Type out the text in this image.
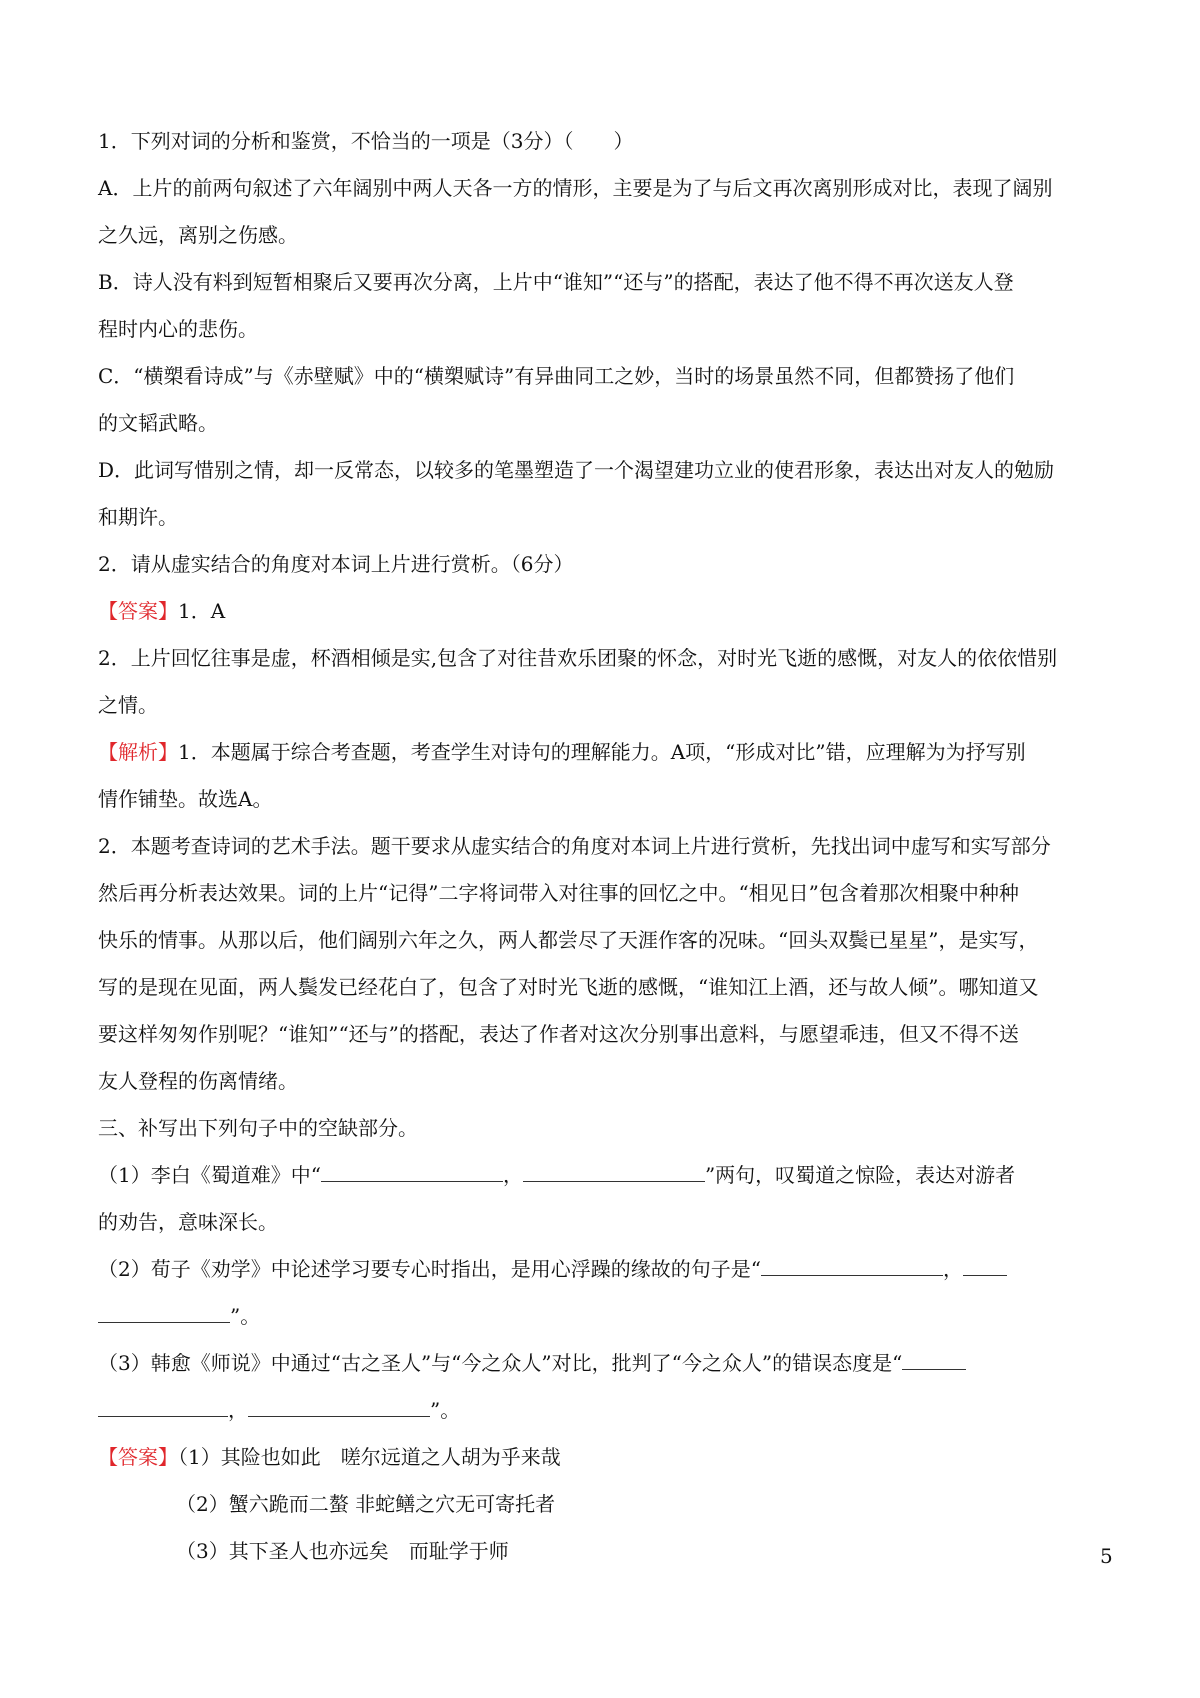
1．下列对词的分析和鉴赏，不恰当的一项是（3分）（　　）
A．上片的前两句叙述了六年阔别中两人天各一方的情形，主要是为了与后文再次离别形成对比，表现了阔别
之久远，离别之伤感。
B．诗人没有料到短暂相聚后又要再次分离，上片中“谁知”“还与”的搭配，表达了他不得不再次送友人登
程时内心的悲伤。
C．“横槊看诗成”与《赤壁赋》中的“横槊赋诗”有异曲同工之妙，当时的场景虽然不同，但都赞扬了他们
的文韬武略。
D．此词写惜别之情，却一反常态，以较多的笔墨塑造了一个渴望建功立业的使君形象，表达出对友人的勉励
和期许。
2．请从虚实结合的角度对本词上片进行赏析。（6分）
【答案】1．A
2．上片回忆往事是虚，杯酒相倾是实,包含了对往昔欢乐团聚的怀念，对时光飞逝的感慨，对友人的依依惜别
之情。
【解析】1．本题属于综合考查题，考查学生对诗句的理解能力。A项，“形成对比”错，应理解为为抒写别
情作铺垫。故选A。
2．本题考查诗词的艺术手法。题干要求从虚实结合的角度对本词上片进行赏析，先找出词中虚写和实写部分
然后再分析表达效果。词的上片“记得”二字将词带入对往事的回忆之中。“相见日”包含着那次相聚中种种
快乐的情事。从那以后，他们阔别六年之久，两人都尝尽了天涯作客的况味。“回头双鬓已星星”，是实写，
写的是现在见面，两人鬓发已经花白了，包含了对时光飞逝的感慨，“谁知江上酒，还与故人倾”。哪知道又
要这样匆匆作别呢？“谁知”“还与”的搭配，表达了作者对这次分别事出意料，与愿望乖违，但又不得不送
友人登程的伤离情绪。
三、补写出下列句子中的空缺部分。
（1）李白《蜀道难》中“	，	”两句，叹蜀道之惊险，表达对游者
的劝告，意味深长。
（2）荀子《劝学》中论述学习要专心时指出，是用心浮躁的缘故的句子是“	，
”。
（3）韩愈《师说》中通过“古之圣人”与“今之众人”对比，批判了“今之众人”的错误态度是“
，	”。
【答案】（1）其险也如此　嗟尔远道之人胡为乎来哉
（2）蟹六跪而二螯 非蛇鳝之穴无可寄托者
（3）其下圣人也亦远矣　而耻学于师	5
